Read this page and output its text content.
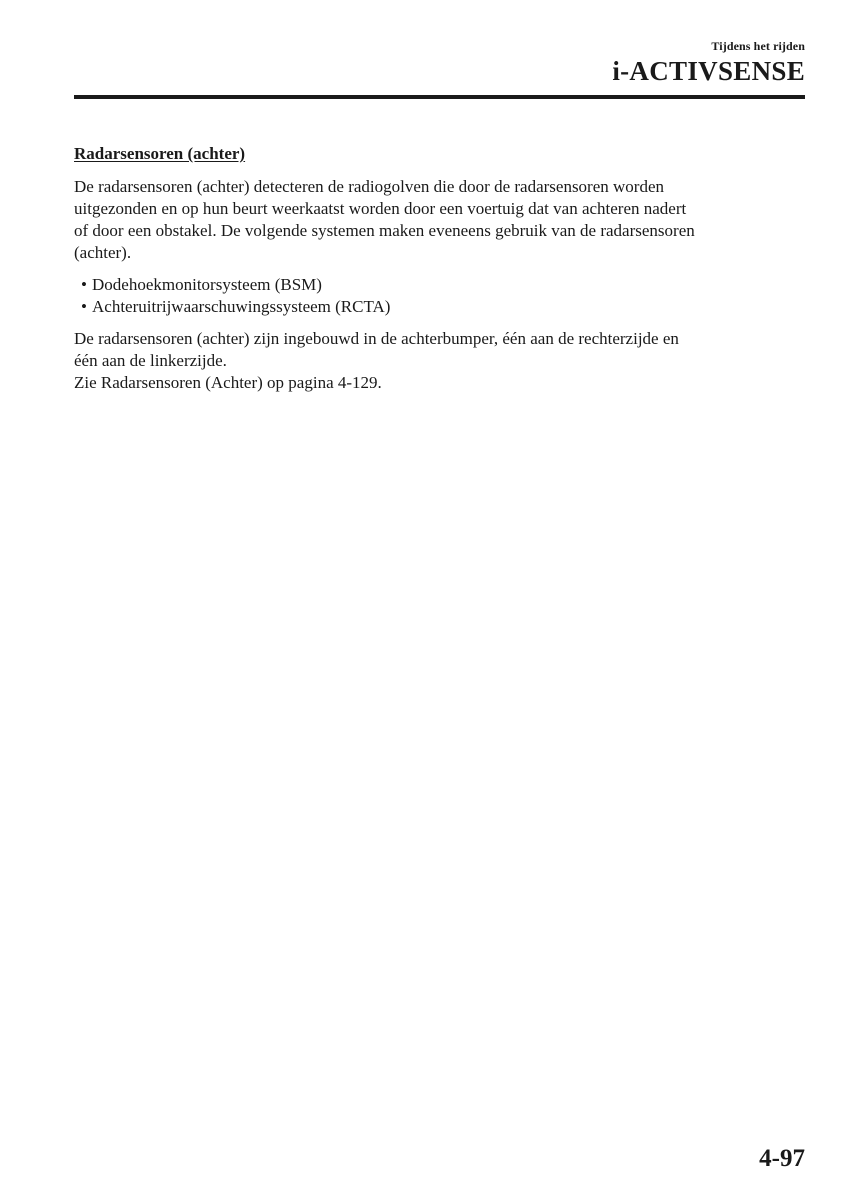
Tijdens het rijden
i-ACTIVSENSE
Radarsensoren (achter)

De radarsensoren (achter) detecteren de radiogolven die door de radarsensoren worden
uitgezonden en op hun beurt weerkaatst worden door een voertuig dat van achteren nadert
of door een obstakel. De volgende systemen maken eveneens gebruik van de radarsensoren
(achter).

• Dodehoekmonitorsysteem (BSM)
• Achteruitrijwaarschuwingssysteem (RCTA)

De radarsensoren (achter) zijn ingebouwd in de achterbumper, één aan de rechterzijde en
één aan de linkerzijde.
Zie Radarsensoren (Achter) op pagina 4-129.

4-97
